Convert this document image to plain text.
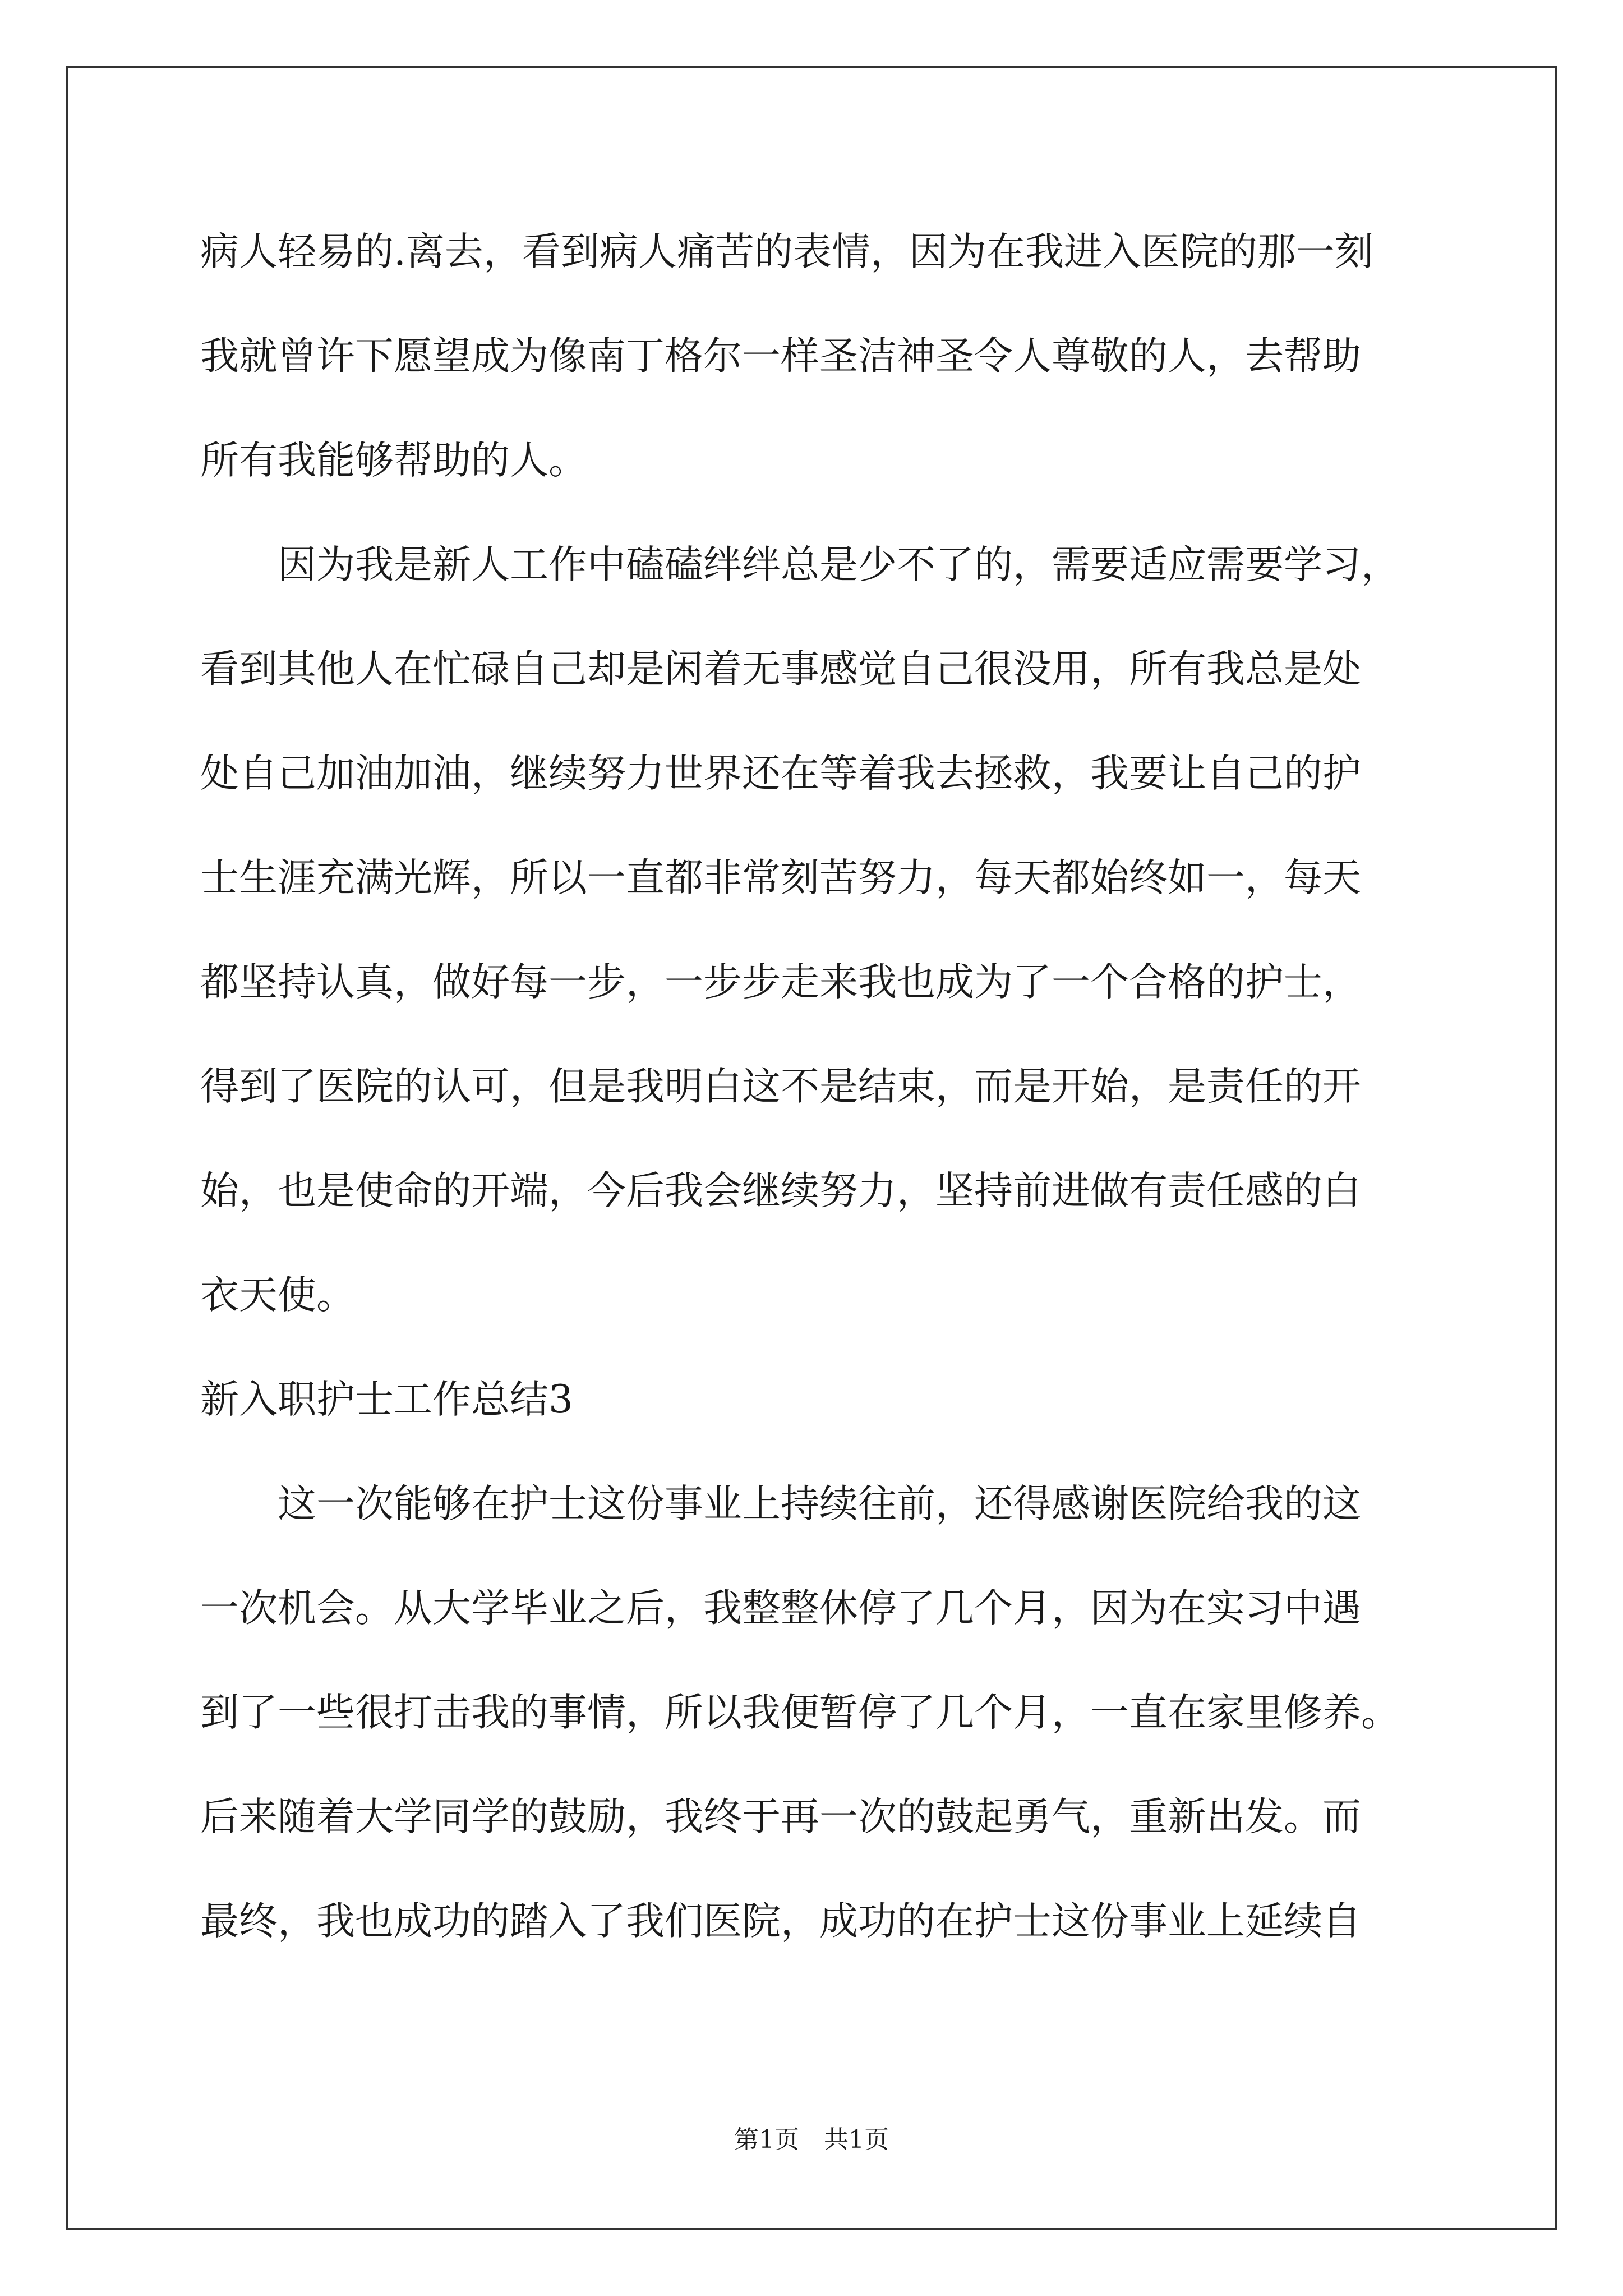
病人轻易的.离去，看到病人痛苦的表情，因为在我进入医院的那一刻
我就曾许下愿望成为像南丁格尔一样圣洁神圣令人尊敬的人，去帮助
所有我能够帮助的人。
　　因为我是新人工作中磕磕绊绊总是少不了的，需要适应需要学习，
看到其他人在忙碌自己却是闲着无事感觉自己很没用，所有我总是处
处自己加油加油，继续努力世界还在等着我去拯救，我要让自己的护
士生涯充满光辉，所以一直都非常刻苦努力，每天都始终如一，每天
都坚持认真，做好每一步，一步步走来我也成为了一个合格的护士，
得到了医院的认可，但是我明白这不是结束，而是开始，是责任的开
始，也是使命的开端，今后我会继续努力，坚持前进做有责任感的白
衣天使。
新入职护士工作总结3
　　这一次能够在护士这份事业上持续往前，还得感谢医院给我的这
一次机会。从大学毕业之后，我整整休停了几个月，因为在实习中遇
到了一些很打击我的事情，所以我便暂停了几个月，一直在家里修养。
后来随着大学同学的鼓励，我终于再一次的鼓起勇气，重新出发。而
最终，我也成功的踏入了我们医院，成功的在护士这份事业上延续自
第1页　共1页
